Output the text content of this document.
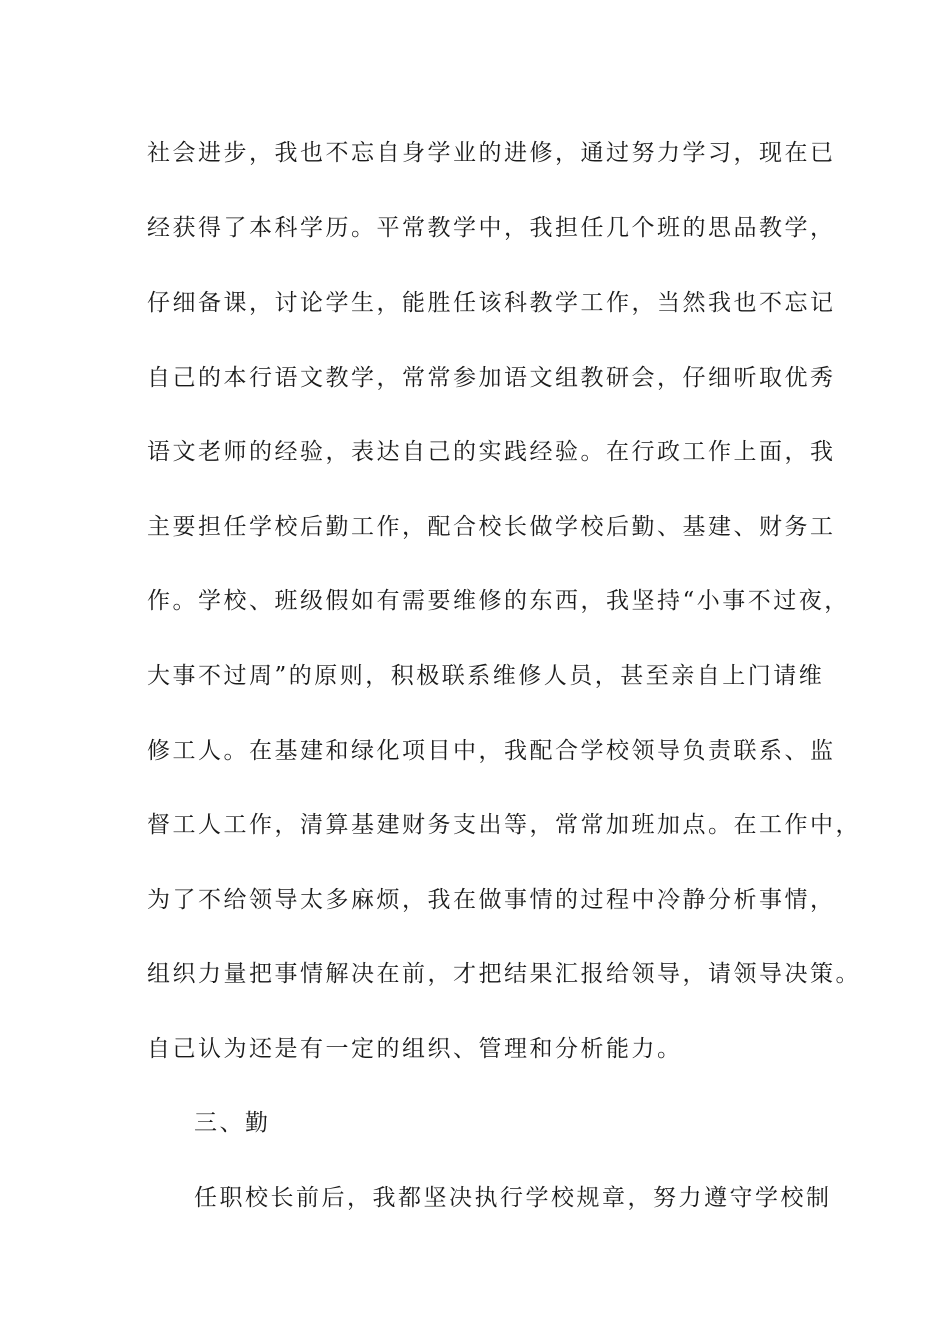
社会进步，我也不忘自身学业的进修，通过努力学习，现在已
经获得了本科学历。平常教学中，我担任几个班的思品教学，
仔细备课，讨论学生，能胜任该科教学工作，当然我也不忘记
自己的本行语文教学，常常参加语文组教研会，仔细听取优秀
语文老师的经验，表达自己的实践经验。在行政工作上面，我
主要担任学校后勤工作，配合校长做学校后勤、基建、财务工
作。学校、班级假如有需要维修的东西，我坚持“小事不过夜，
大事不过周”的原则，积极联系维修人员，甚至亲自上门请维
修工人。在基建和绿化项目中，我配合学校领导负责联系、监
督工人工作，清算基建财务支出等，常常加班加点。在工作中，
为了不给领导太多麻烦，我在做事情的过程中冷静分析事情，
组织力量把事情解决在前，才把结果汇报给领导，请领导决策。
自己认为还是有一定的组织、管理和分析能力。
三、勤
任职校长前后，我都坚决执行学校规章，努力遵守学校制
